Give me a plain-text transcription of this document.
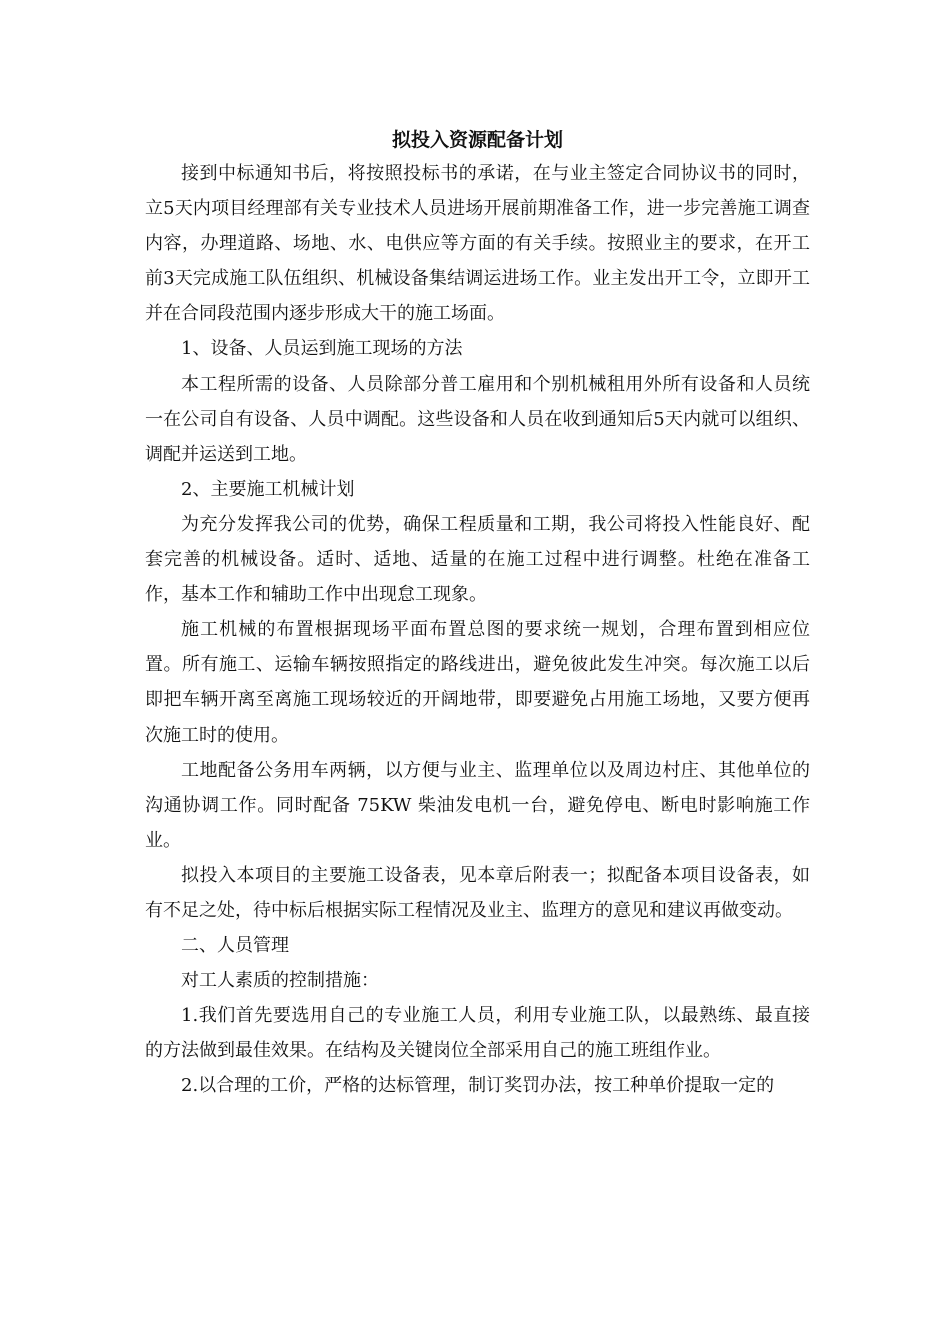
拟投入资源配备计划

接到中标通知书后，将按照投标书的承诺，在与业主签定合同协议书的同时，立5天内项目经理部有关专业技术人员进场开展前期准备工作，进一步完善施工调查内容，办理道路、场地、水、电供应等方面的有关手续。按照业主的要求，在开工前3天完成施工队伍组织、机械设备集结调运进场工作。业主发出开工令，立即开工并在合同段范围内逐步形成大干的施工场面。

1、设备、人员运到施工现场的方法

本工程所需的设备、人员除部分普工雇用和个别机械租用外所有设备和人员统一在公司自有设备、人员中调配。这些设备和人员在收到通知后5天内就可以组织、调配并运送到工地。

2、主要施工机械计划

为充分发挥我公司的优势，确保工程质量和工期，我公司将投入性能良好、配套完善的机械设备。适时、适地、适量的在施工过程中进行调整。杜绝在准备工作，基本工作和辅助工作中出现怠工现象。

施工机械的布置根据现场平面布置总图的要求统一规划，合理布置到相应位置。所有施工、运输车辆按照指定的路线进出，避免彼此发生冲突。每次施工以后即把车辆开离至离施工现场较近的开阔地带，即要避免占用施工场地，又要方便再次施工时的使用。

工地配备公务用车两辆，以方便与业主、监理单位以及周边村庄、其他单位的沟通协调工作。同时配备 75KW 柴油发电机一台，避免停电、断电时影响施工作业。

拟投入本项目的主要施工设备表，见本章后附表一；拟配备本项目设备表，如有不足之处，待中标后根据实际工程情况及业主、监理方的意见和建议再做变动。

二、人员管理

对工人素质的控制措施：

1.我们首先要选用自己的专业施工人员，利用专业施工队，以最熟练、最直接的方法做到最佳效果。在结构及关键岗位全部采用自己的施工班组作业。

2.以合理的工价，严格的达标管理，制订奖罚办法，按工种单价提取一定的
